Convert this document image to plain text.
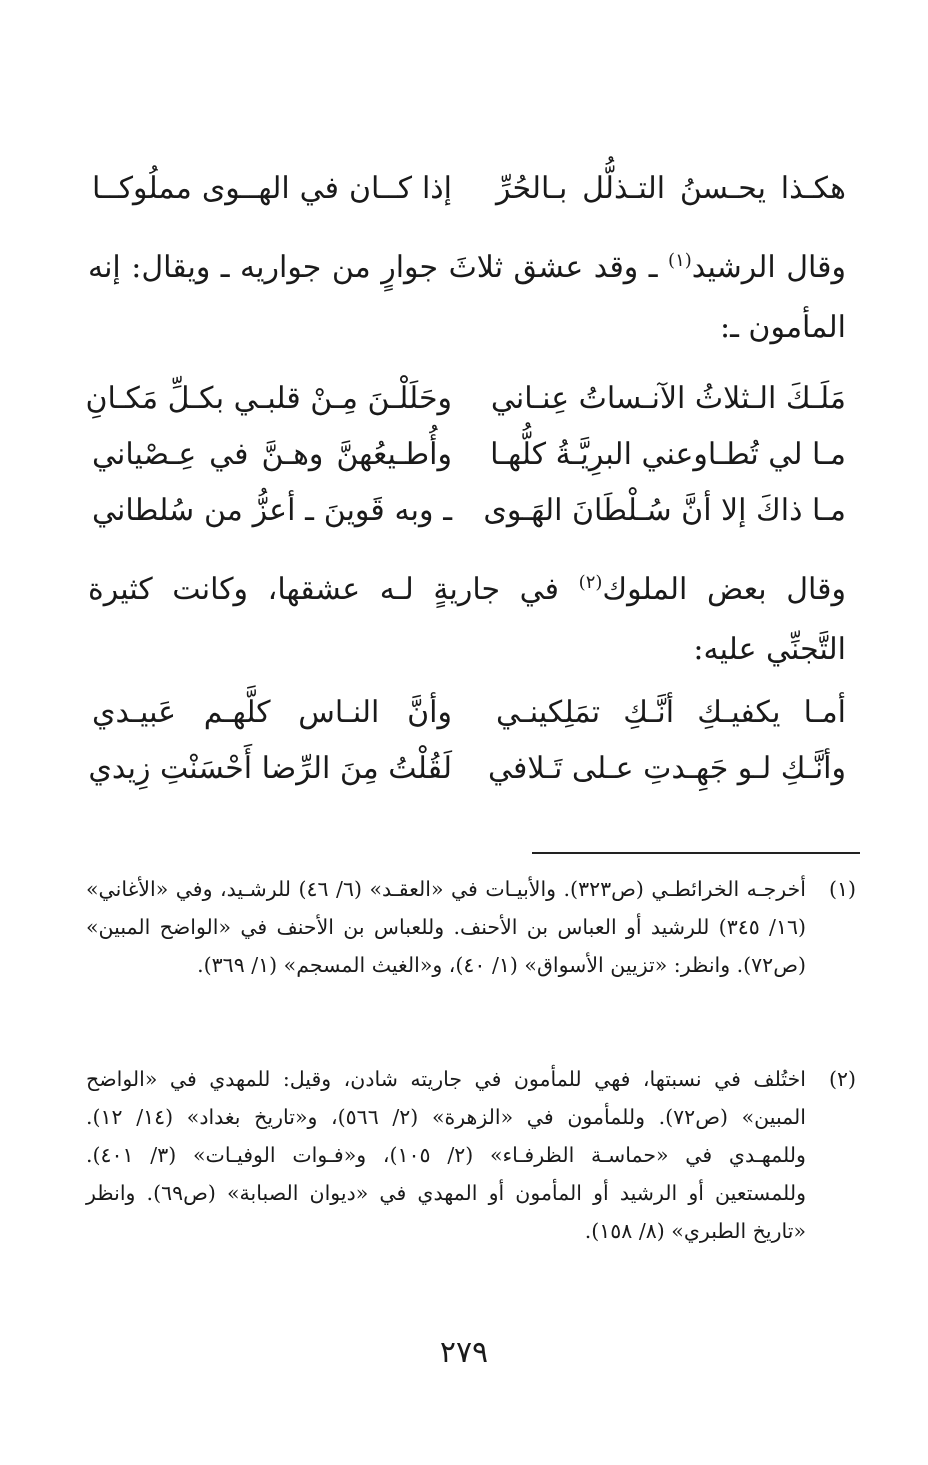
هكـذا يحـسنُ التـذلُّل بـالحُرِّ
إذا كــان في الهــوى مملُوكــا
وقال الرشيد$^{(١)}$ ـ وقد عشق ثلاثَ جوارٍ من جواريه ـ ويقال: إنه المأمون ـ:
مَلَـكَ الـثلاثُ الآنـساتُ عِنـاني
وحَلَلْـنَ مِـنْ قلبـي بكـلِّ مَكـانِ
مـا لي تُطـاوعني البرِيَّـةُ كلُّهـا
وأُطـيعُهنَّ وهـنَّ في عِـصْياني
مـا ذاكَ إلا أنَّ سُـلْطَانَ الهَـوى
ـ وبه قَوينَ ـ أعزُّ من سُلطاني
وقال بعض الملوك$^{(٢)}$ في جاريةٍ لـه عشقها، وكانت كثيرة التَّجنِّي عليه:
أمـا يكفيـكِ أنَّـكِ تمَلِكينـي
وأنَّ النـاس كلَّهـم عَبيـدي
وأنَّـكِ لـو جَهِـدتِ عـلى تَـلافي
لَقُلْتُ مِنَ الرِّضا أَحْسَنْتِ زِيدي
(١)
أخرجـه الخرائطـي (ص٣٢٣). والأبيـات في «العقـد» (٦/ ٤٦) للرشـيد، وفي «الأغاني» (١٦/ ٣٤٥) للرشيد أو العباس بن الأحنف. وللعباس بن الأحنف في «الواضح المبين» (ص٧٢). وانظر: «تزيين الأسواق» (١/ ٤٠)، و«الغيث المسجم» (١/ ٣٦٩).
(٢)
اختُلف في نسبتها، فهي للمأمون في جاريته شادن، وقيل: للمهدي في «الواضح المبين» (ص٧٢). وللمأمون في «الزهرة» (٢/ ٥٦٦)، و«تاريخ بغداد» (١٤/ ١٢). وللمهـدي في «حماسـة الظرفـاء» (٢/ ١٠٥)، و«فـوات الوفيـات» (٣/ ٤٠١). وللمستعين أو الرشيد أو المأمون أو المهدي في «ديوان الصبابة» (ص٦٩). وانظر «تاريخ الطبري» (٨/ ١٥٨).
٢٧٩
